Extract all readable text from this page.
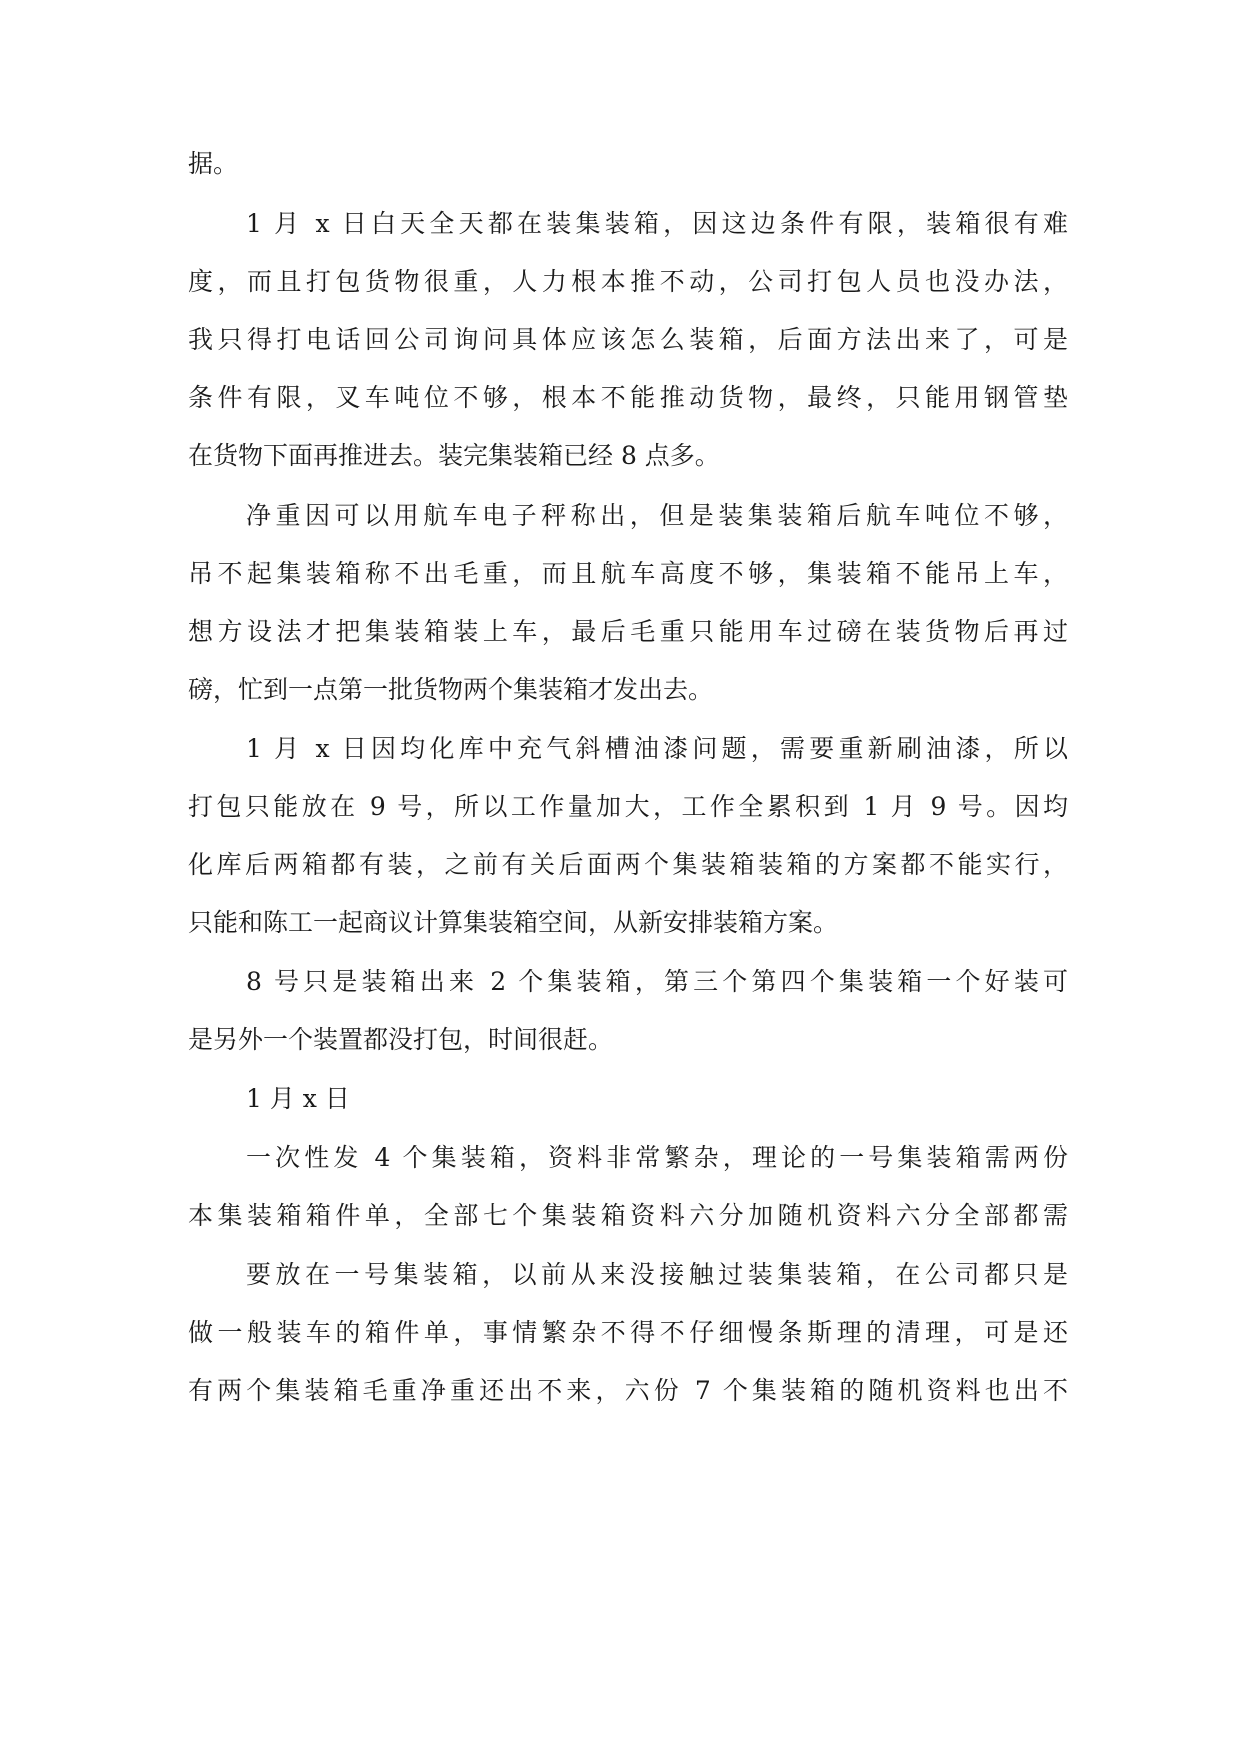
据。
1 月 x 日白天全天都在装集装箱，因这边条件有限，装箱很有难
度，而且打包货物很重，人力根本推不动，公司打包人员也没办法，
我只得打电话回公司询问具体应该怎么装箱，后面方法出来了，可是
条件有限，叉车吨位不够，根本不能推动货物，最终，只能用钢管垫
在货物下面再推进去。装完集装箱已经 8 点多。
净重因可以用航车电子秤称出，但是装集装箱后航车吨位不够，
吊不起集装箱称不出毛重，而且航车高度不够，集装箱不能吊上车，
想方设法才把集装箱装上车，最后毛重只能用车过磅在装货物后再过
磅，忙到一点第一批货物两个集装箱才发出去。
1 月 x 日因均化库中充气斜槽油漆问题，需要重新刷油漆，所以
打包只能放在 9 号，所以工作量加大，工作全累积到 1 月 9 号。因均
化库后两箱都有装，之前有关后面两个集装箱装箱的方案都不能实行，
只能和陈工一起商议计算集装箱空间，从新安排装箱方案。
8 号只是装箱出来 2 个集装箱，第三个第四个集装箱一个好装可
是另外一个装置都没打包，时间很赶。
1 月 x 日
一次性发 4 个集装箱，资料非常繁杂，理论的一号集装箱需两份
本集装箱箱件单，全部七个集装箱资料六分加随机资料六分全部都需
要放在一号集装箱，以前从来没接触过装集装箱，在公司都只是
做一般装车的箱件单，事情繁杂不得不仔细慢条斯理的清理，可是还
有两个集装箱毛重净重还出不来，六份 7 个集装箱的随机资料也出不
